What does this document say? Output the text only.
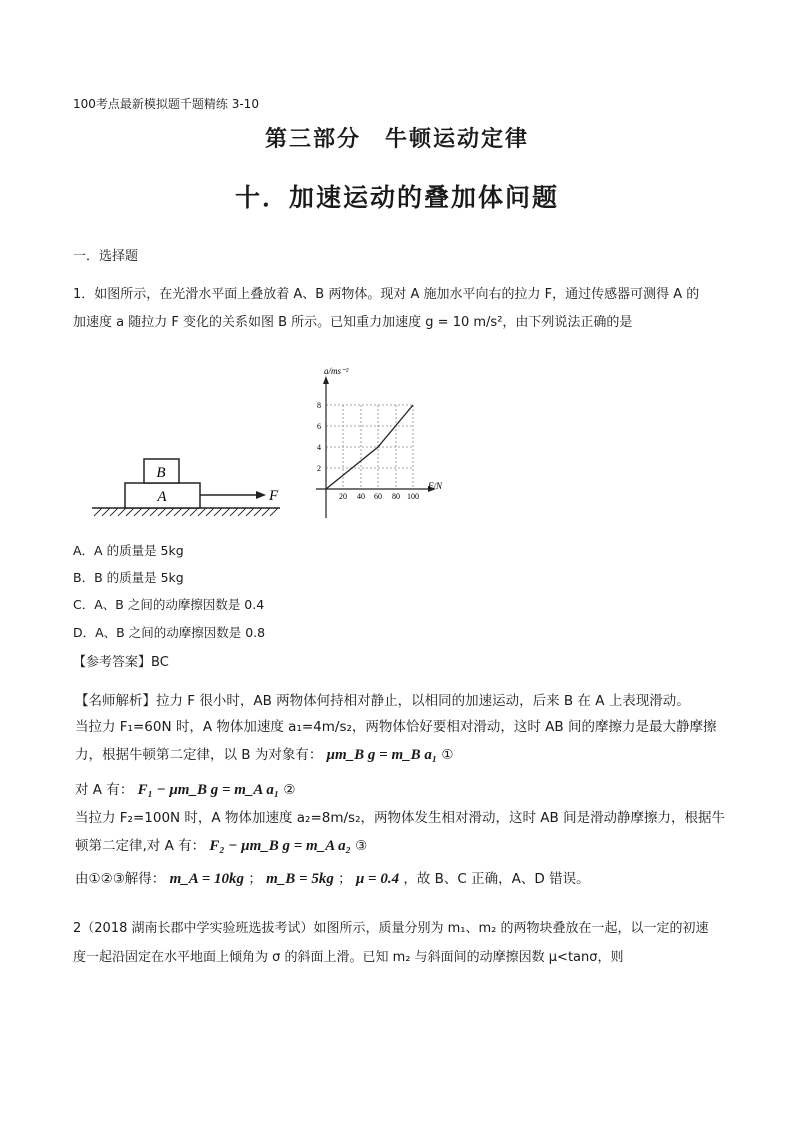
100考点最新模拟题千题精练 3-10
第三部分　牛顿运动定律
十．加速运动的叠加体问题
一．选择题
1．如图所示，在光滑水平面上叠放着 A、B 两物体。现对 A 施加水平向右的拉力 F，通过传感器可测得 A 的
加速度 a 随拉力 F 变化的关系如图 B 所示。已知重力加速度 g = 10 m/s²，由下列说法正确的是
A
B
F
a/ms⁻²
F/N
2
4
6
8
20 40 60 80 100
A．A 的质量是 5kg
B．B 的质量是 5kg
C．A、B 之间的动摩擦因数是 0.4
D．A、B 之间的动摩擦因数是 0.8
【参考答案】BC
【名师解析】拉力 F 很小时，AB 两物体何持相对静止，以相同的加速运动，后来 B 在 A 上表现滑动。
当拉力 F₁=60N 时，A 物体加速度 a₁=4m/s₂，两物体恰好要相对滑动，这时 AB 间的摩擦力是最大静摩擦
力，根据牛顿第二定律，以 B 为对象有： μm_B g = m_B a₁ ①
对 A 有： F₁ − μm_B g = m_A a₁ ②
当拉力 F₂=100N 时，A 物体加速度 a₂=8m/s₂，两物体发生相对滑动，这时 AB 间是滑动静摩擦力，根据牛
顿第二定律,对 A 有： F₂ − μm_B g = m_A a₂ ③
由①②③解得： m_A = 10kg ； m_B = 5kg ； μ = 0.4 ，故 B、C 正确，A、D 错误。
2（2018 湖南长郡中学实验班选拔考试）如图所示，质量分别为 m₁、m₂ 的两物块叠放在一起，以一定的初速
度一起沿固定在水平地面上倾角为 σ 的斜面上滑。已知 m₂ 与斜面间的动摩擦因数 μ<tanσ，则
